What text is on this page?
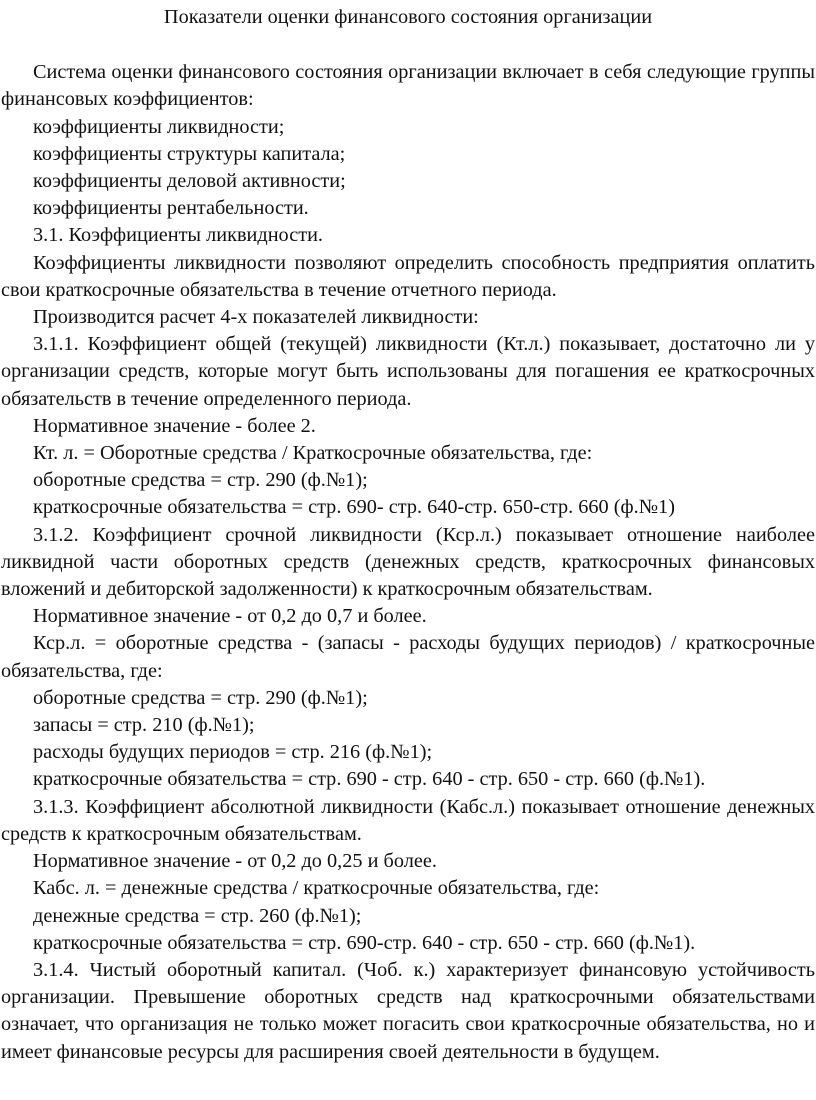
Показатели оценки финансового состояния организации

Система оценки финансового состояния организации включает в себя следующие группы финансовых коэффициентов:

коэффициенты ликвидности;

коэффициенты структуры капитала;

коэффициенты деловой активности;

коэффициенты рентабельности.

3.1. Коэффициенты ликвидности.

Коэффициенты ликвидности позволяют определить способность предприятия оплатить свои краткосрочные обязательства в течение отчетного периода.

Производится расчет 4-х показателей ликвидности:

3.1.1. Коэффициент общей (текущей) ликвидности (Кт.л.) показывает, достаточно ли у организации средств, которые могут быть использованы для погашения ее краткосрочных обязательств в течение определенного периода.

Нормативное значение - более 2.

Кт. л. = Оборотные средства / Краткосрочные обязательства, где:

оборотные средства = стр. 290 (ф.№1);

краткосрочные обязательства = стр. 690- стр. 640-стр. 650-стр. 660 (ф.№1)

3.1.2. Коэффициент срочной ликвидности (Кср.л.) показывает отношение наиболее ликвидной части оборотных средств (денежных средств, краткосрочных финансовых вложений и дебиторской задолженности) к краткосрочным обязательствам.

Нормативное значение - от 0,2 до 0,7 и более.

Кср.л. = оборотные средства - (запасы - расходы будущих периодов) / краткосрочные обязательства, где:

оборотные средства = стр. 290 (ф.№1);

запасы = стр. 210 (ф.№1);

расходы будущих периодов = стр. 216 (ф.№1);

краткосрочные обязательства = стр. 690 - стр. 640 - стр. 650 - стр. 660 (ф.№1).

3.1.3. Коэффициент абсолютной ликвидности (Кабс.л.) показывает отношение денежных средств к краткосрочным обязательствам.

Нормативное значение - от 0,2 до 0,25 и более.

Кабс. л. = денежные средства / краткосрочные обязательства, где:

денежные средства = стр. 260 (ф.№1);

краткосрочные обязательства = стр. 690-стр. 640 - стр. 650 - стр. 660 (ф.№1).

3.1.4. Чистый оборотный капитал. (Чоб. к.) характеризует финансовую устойчивость организации. Превышение оборотных средств над краткосрочными обязательствами означает, что организация не только может погасить свои краткосрочные обязательства, но и имеет финансовые ресурсы для расширения своей деятельности в будущем.
